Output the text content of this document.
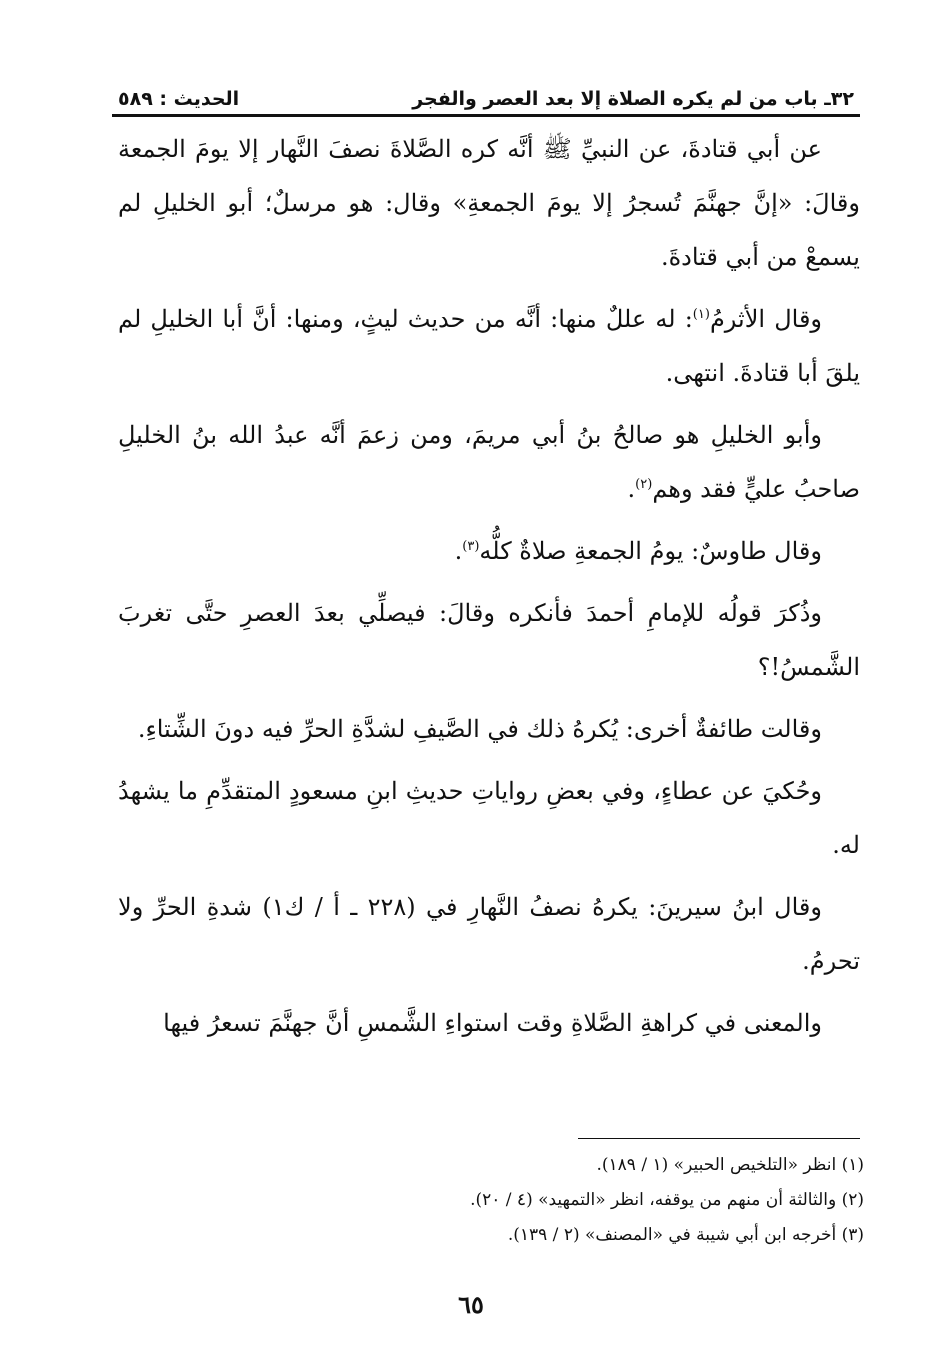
٣٢ـ باب من لم يكره الصلاة إلا بعد العصر والفجر
الحديث : ٥٨٩

عن أبي قتادةَ، عن النبيِّ ﷺ أنَّه كره الصَّلاةَ نصفَ النَّهار إلا يومَ الجمعة وقالَ: «إنَّ جهنَّمَ تُسجرُ إلا يومَ الجمعةِ» وقال: هو مرسلٌ؛ أبو الخليلِ لم يسمعْ من أبي قتادةَ.

وقال الأثرمُ$^{(١)}$: له عللٌ منها: أنَّه من حديث ليثٍ، ومنها: أنَّ أبا الخليلِ لم يلقَ أبا قتادةَ. انتهى.

وأبو الخليلِ هو صالحُ بنُ أبي مريمَ، ومن زعمَ أنَّه عبدُ الله بنُ الخليلِ صاحبُ عليٍّ فقد وهم$^{(٢)}$.

وقال طاوسٌ: يومُ الجمعةِ صلاةٌ كلُّه$^{(٣)}$.

وذُكرَ قولُه للإمامِ أحمدَ فأنكره وقالَ: فيصلِّي بعدَ العصرِ حتَّى تغربَ الشَّمسُ!؟

وقالت طائفةٌ أخرى: يُكرهُ ذلك في الصَّيفِ لشدَّةِ الحرِّ فيه دونَ الشِّتاءِ.

وحُكيَ عن عطاءٍ، وفي بعضِ رواياتِ حديثِ ابنِ مسعودٍ المتقدِّمِ ما يشهدُ له.

وقال ابنُ سيرينَ: يكرهُ نصفُ النَّهارِ في (٢٢٨ ـ أ / ك١) شدةِ الحرِّ ولا تحرمُ.

والمعنى في كراهةِ الصَّلاةِ وقت استواءِ الشَّمسِ أنَّ جهنَّمَ تسعرُ فيها

(١) انظر «التلخيص الحبير» (١ / ١٨٩).

(٢) والثالثة أن منهم من يوقفه، انظر «التمهيد» (٤ / ٢٠).

(٣) أخرجه ابن أبي شيبة في «المصنف» (٢ / ١٣٩).

٦٥
